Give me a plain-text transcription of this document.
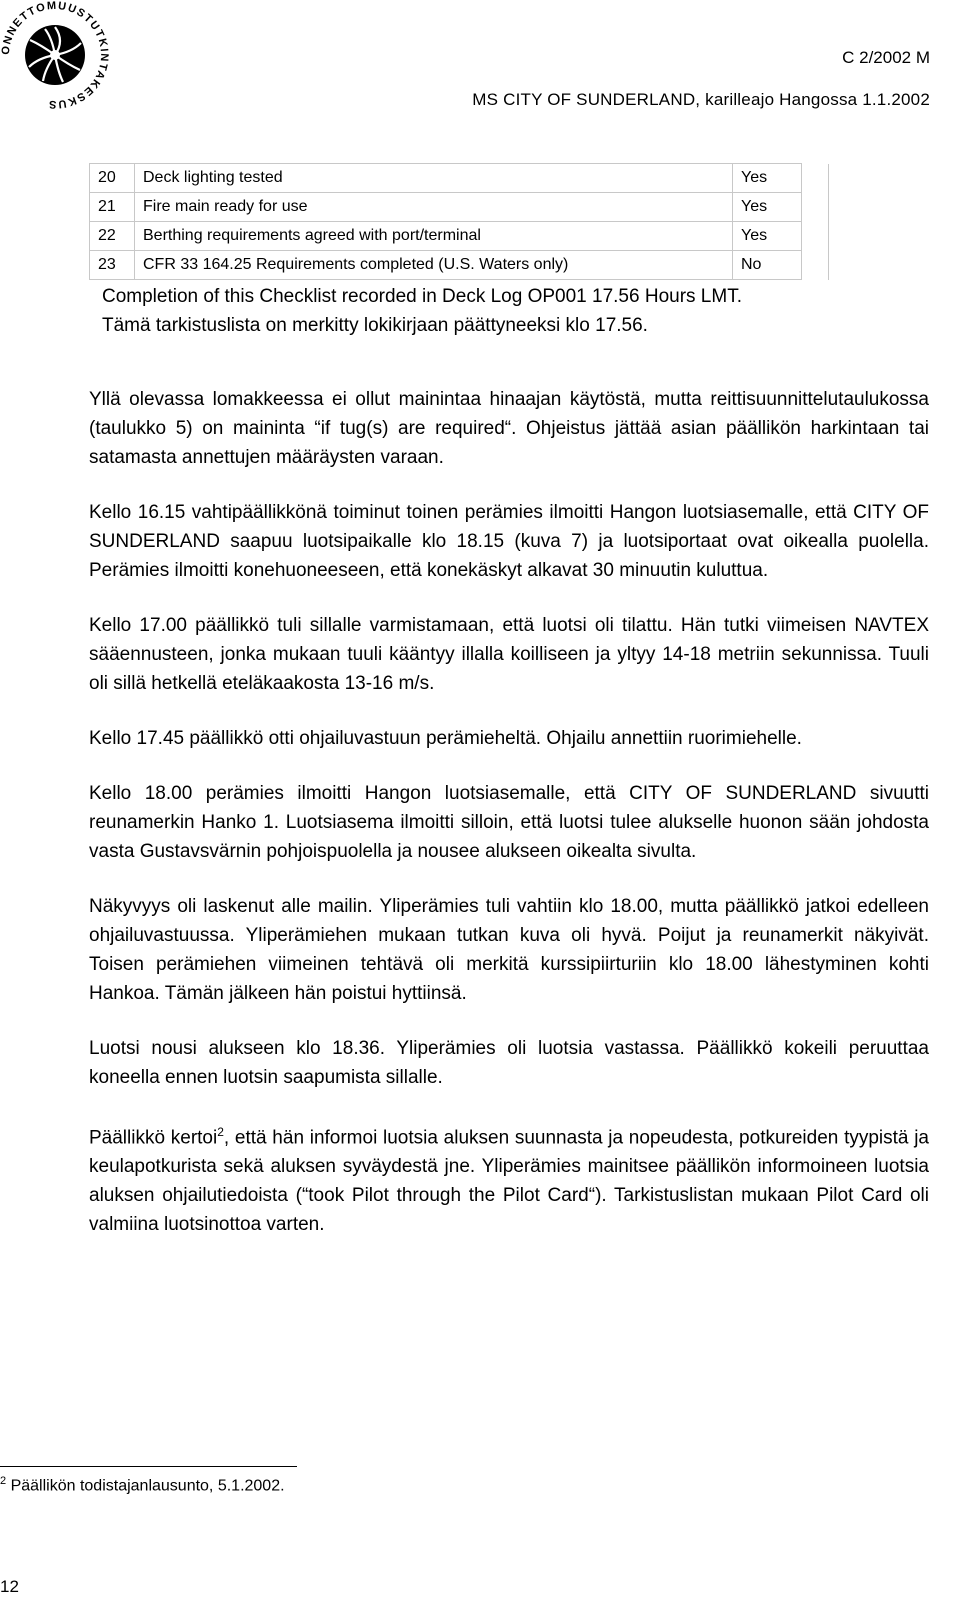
ONNETTOMUUSTUTKINTAKESKUS
C 2/2002 M
MS CITY OF SUNDERLAND, karilleajo Hangossa 1.1.2002
20	Deck lighting tested	Yes	
21	Fire main ready for use	Yes	
22	Berthing requirements agreed with port/terminal	Yes	
23	CFR 33 164.25 Requirements completed (U.S. Waters only)	No	
Completion of this Checklist recorded in Deck Log OP001 17.56 Hours LMT.
Tämä tarkistuslista on merkitty lokikirjaan päättyneeksi klo 17.56.

Yllä olevassa lomakkeessa ei ollut mainintaa hinaajan käytöstä, mutta reittisuunnittelutaulukossa (taulukko 5) on maininta “if tug(s) are required“. Ohjeistus jättää asian päällikön harkintaan tai satamasta annettujen määräysten varaan.

Kello 16.15 vahtipäällikkönä toiminut toinen perämies ilmoitti Hangon luotsiasemalle, että CITY OF SUNDERLAND saapuu luotsipaikalle klo 18.15 (kuva 7) ja luotsiportaat ovat oikealla puolella. Perämies ilmoitti konehuoneeseen, että konekäskyt alkavat 30 minuutin kuluttua.

Kello 17.00 päällikkö tuli sillalle varmistamaan, että luotsi oli tilattu. Hän tutki viimeisen NAVTEX sääennusteen, jonka mukaan tuuli kääntyy illalla koilliseen ja yltyy 14-18 metriin sekunnissa. Tuuli oli sillä hetkellä eteläkaakosta 13-16 m/s.

Kello 17.45 päällikkö otti ohjailuvastuun perämieheltä. Ohjailu annettiin ruorimiehelle.

Kello 18.00 perämies ilmoitti Hangon luotsiasemalle, että CITY OF SUNDERLAND sivuutti reunamerkin Hanko 1. Luotsiasema ilmoitti silloin, että luotsi tulee alukselle huonon sään johdosta vasta Gustavsvärnin pohjoispuolella ja nousee alukseen oikealta sivulta.

Näkyvyys oli laskenut alle mailin. Yliperämies tuli vahtiin klo 18.00, mutta päällikkö jatkoi edelleen ohjailuvastuussa. Yliperämiehen mukaan tutkan kuva oli hyvä. Poijut ja reunamerkit näkyivät. Toisen perämiehen viimeinen tehtävä oli merkitä kurssipiirturiin klo 18.00 lähestyminen kohti Hankoa. Tämän jälkeen hän poistui hyttiinsä.

Luotsi nousi alukseen klo 18.36. Yliperämies oli luotsia vastassa. Päällikkö kokeili peruuttaa koneella ennen luotsin saapumista sillalle.

Päällikkö kertoi$^2$, että hän informoi luotsia aluksen suunnasta ja nopeudesta, potkureiden tyypistä ja keulapotkurista sekä aluksen syväydestä jne. Yliperämies mainitsee päällikön informoineen luotsia aluksen ohjailutiedoista (“took Pilot through the Pilot Card“). Tarkistuslistan mukaan Pilot Card oli valmiina luotsinottoa varten.

$^2$ Päällikön todistajanlausunto, 5.1.2002.
12
